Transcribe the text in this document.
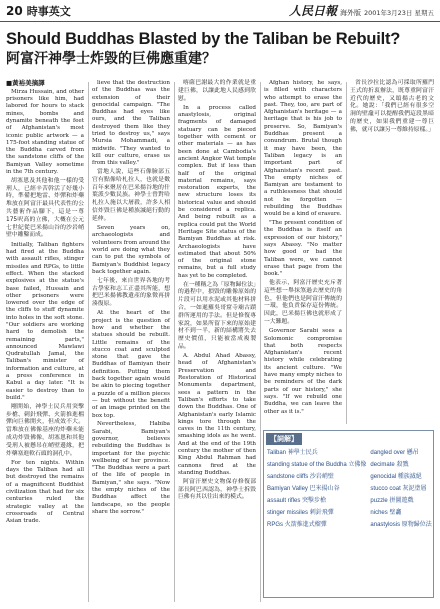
20 時事英文	人民日報 海外版 2001年3月23日 星期五
Should Buddhas Blasted by the Taliban be Rebuilt?
阿富汗神學士炸毀的巨佛應重建？

■黃裕美摘譯

Mirza Hussain, and other prisoners like him, had labored for hours to stack mines, bombs and dynamite beneath the feet of Afghanistan's most iconic public artwork — a 175-foot standing statue of the Buddha carved from the sandstone cliffs of the Bamiyan Valley sometime in the 7th century.

胡塞恩及其他和他一樣的受刑人，已經辛苦幹活了好幾小時，準備把地雷、炸彈和炸藥堆放在阿富汗最具代表性的公共藝術作品腳下，這是一尊175呎高的立佛，大概在公元七世紀從巴米揚山谷的沙岩峭壁中雕鑿而成。

Initially, Taliban fighters had fired at the Buddha with assault rifles, stinger missiles and RPGs, to little effect. When the stacked explosives at the statue's base failed, Hussain and other prisoners were lowered over the edge of the cliffs to stuff dynamite into holes in the soft stone. "Our soldiers are working hard to demolish the remaining parts," announced Mawlawi Qudratullah Jamal, the Taliban's minister of information and culture, at a press conference in Kabul a day later. "It is easier to destroy than to build."

剛開始，神學士民兵用突擊步槍、刺針飛彈、火箭推進榴彈向巨佛開火，但成效不大。當堆放在佛像基座的炸藥未能成功炸毀佛像，胡塞恩和其他受刑人被懸吊在峭壁邊緣，把炸藥塞進軟石頭的洞孔中。

For ten nights. Within days the Taliban had all but destroyed the remains of a magnificent Buddhist civilization that had for six centuries ruled the strategic valley at the crossroads of Central Asian trade.

lieve that the destruction of the Buddhas was the extension of their genocidal campaign. "The Buddhas had eyes like ours, and the Taliban destroyed them like they tried to destroy us," says Mursia Mohammadi, a midwife. "They wanted to kill our culture, erase us from this valley."

當地人說，這些石像臉部五官有點像哈札拉人，也就是數百年來聚居在巴米揚谷地的什葉派少數民族。神學士曾對哈札拉人施以大屠殺，許多人相信炸毀巨佛是種族滅絕行動的延伸。

Seven years on, archaeologists and volunteers from around the world are doing what they can to put the symbols of Bamiyan's Buddhist legacy back together again.

七年後，來自世界各地的考古學家和志工正盡其所能，想把巴米揚佛教遺產的象徵再拼湊復原。

At the heart of the project is the question of how and whether the statues should be rebuilt. Little remains of the stucco coat and sculpted stone that gave the Buddhas of Bamiyan their definition. Putting them back together again would be akin to piecing together a puzzle of a million pieces — but without the benefit of an image printed on the box top.

Nevertheless, Habiba Sarabi, Bamiyan's governor, believes rebuilding the Buddhas is important for the psychic wellbeing of her province. "The Buddhas were a part of the life of people in Bamiyan," she says. "Now the empty niches of the Buddhas affect the landscape, so the people share the sorrow."

喀薩巴謝最大的作業就是重建巨佛，以讓此地人民感到欣慰。

In a process called anastylosis, original fragments of damaged statuary can be pieced together with cement or other materials — as has been done at Cambodia's ancient Angkor Wat temple complex. But if less than half of the original material remains, says restoration experts, the new structure loses its historical value and should be considered a replica. And being rebuilt as a replica could put the World Heritage Site status of the Bamiyan Buddhas at risk. Archaeologists have estimated that about 50% of the original stone remains, but a full study has yet to be completed.

在一種稱之為「原物歸位法」的過程中，損毀的雕像原始的片段可以用水泥或其他材料拼合，一如暹羅吳哥窟寺廟古蹟群所運用的手法。但是修復專家說，如果所留下來的原始建材不到一半，新的結構將失去歷史價值，只能被當成複製品。

A. Abdul Ahad Abassy, head of Afghanistan's Preservation and Restoration of Historical Monuments department, sees a pattern in the Taliban's efforts to take down the Buddhas. One of Afghanistan's early Islamic kings tore through the caves in the 11th century, smashing idols as he went. And at the end of the 19th century the mother of then King Abdul Rahman had cannons fired at the standing Buddhas.

阿富汗歷史文物保存修復部部長阿巴西認為，神學士拆毀巨佛有其以往出來的模式。

Afghan history, he says, is filled with characters who attempt to erase the past. They, too, are part of Afghanistan's heritage — a heritage that is his job to preserve. So, Bamiyan's Buddhas present a conundrum. Brutal though it may have been, the Taliban legacy is an important part of Afghanistan's recent past. The empty niches of Bamiyan are testament to a ruthlessness that should not be forgotten — rebuilding the Buddhas would be a kind of erasure.

"The present condition of the Buddhas is itself an expression of our history," says Abassy. "No matter how good or bad the Taliban were, we cannot erase that page from the book."

他表示，阿富汗歷史充斥著這些想一舉抹煞過去歷史的角色，但他們也是阿富汗傳統的一環，他負責保存這份傳統。因此，巴米揚巨佛也就形成了一大難題。

Governor Sarabi sees a Solomonic compromise that both respects Afghanistan's recent history while celebrating its ancient culture. "We have many empty niches to be reminders of the dark parts of our history," she says. "If we rebuild one Buddha, we can leave the other as it is."

省長沙拉比認為可採取所羅門王式的折衷辦法，既尊重阿富汗近代的歷史，又頌揚古老的文化。她說：「我們已經有很多空洞的壁龕可以提醒我們這段黑暗的歷史，如果我們重建一尊巨佛，就可以讓另一尊維持原樣。」

【詞解】
Taliban 神學士民兵	dangled over 懸吊
standing statue of the Buddha 立佛像 decimate 殺戮
sandstone cliffs 沙岩峭壁	genocidal 種族滅絕
Bamiyan Valley 巴米揚山谷	stucco coat 灰泥塗層
assault rifles 突擊步槍	puzzle 拼圖遊戲
stinger missiles 刺針飛彈	niches 壁龕
RPGs 火箭推進式榴彈	anastylosis 原物歸位法
